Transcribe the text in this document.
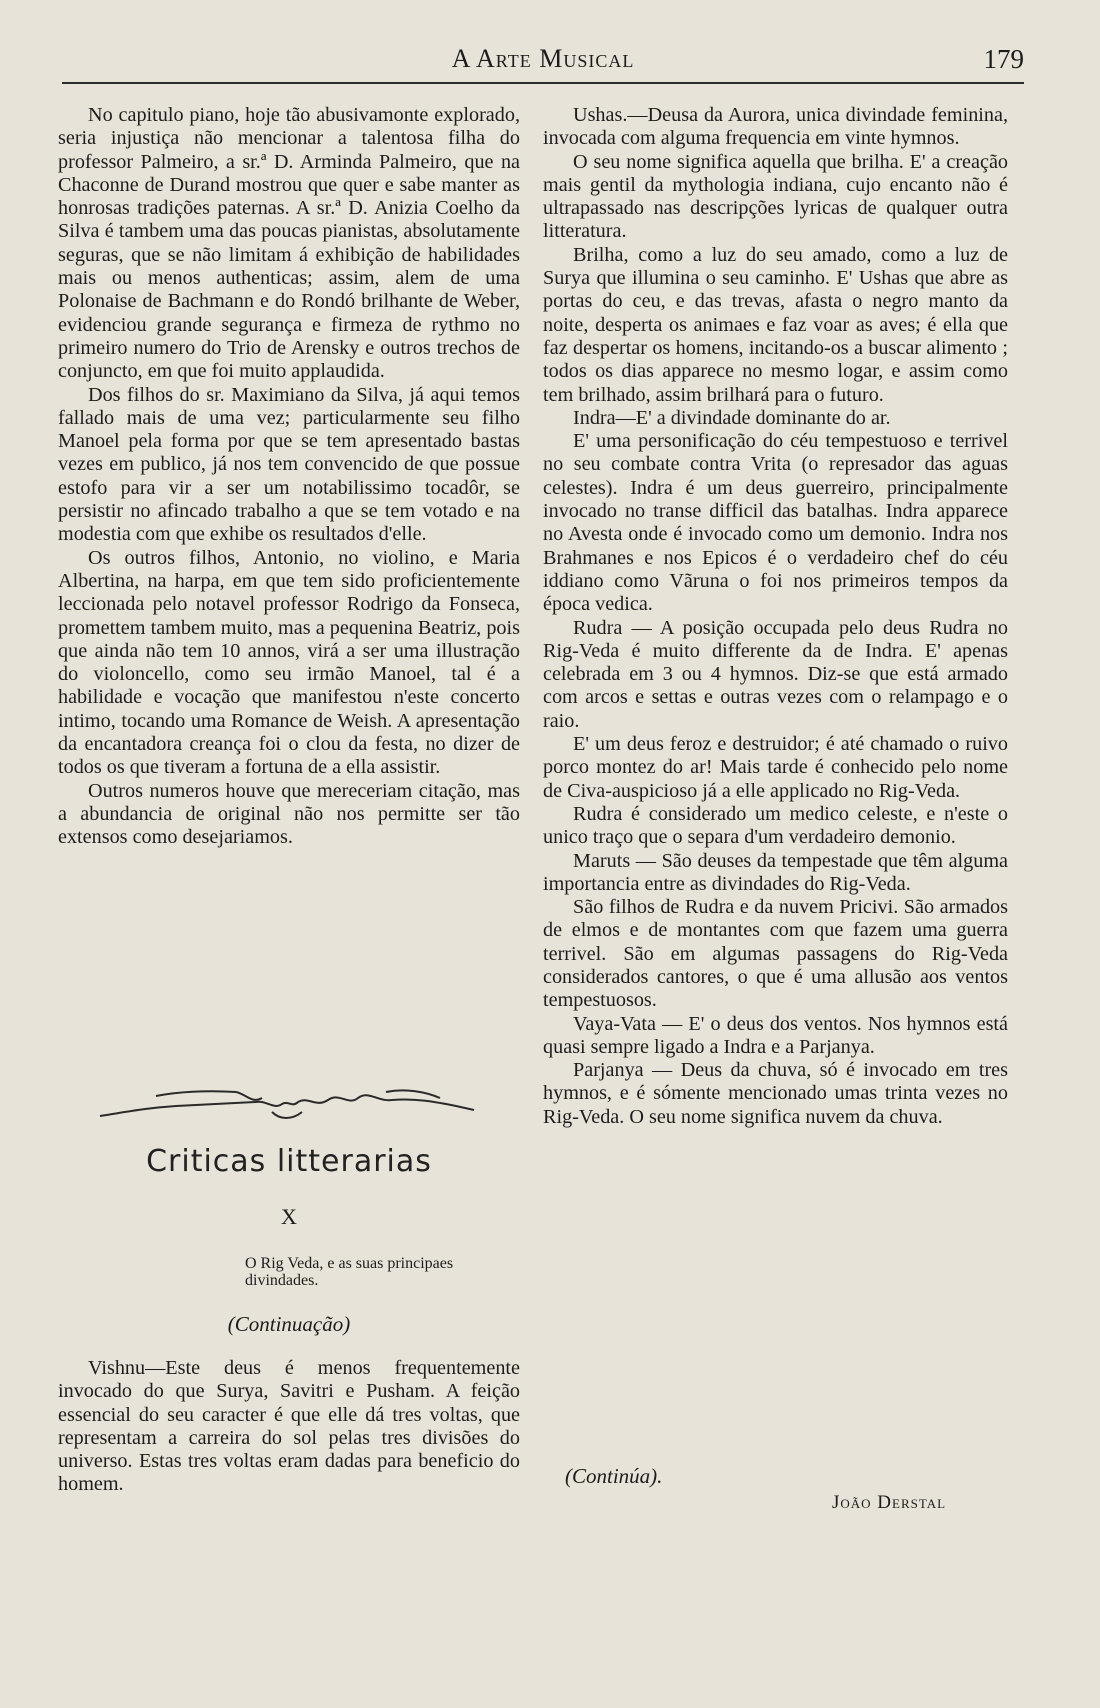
A Arte Musical	179

No capitulo piano, hoje tão abusivamonte explorado, seria injustiça não mencionar a talentosa filha do professor Palmeiro, a sr.ª D. Arminda Palmeiro, que na Chaconne de Durand mostrou que quer e sabe manter as honrosas tradições paternas. A sr.ª D. Anizia Coelho da Silva é tambem uma das poucas pianistas, absolutamente seguras, que se não limitam á exhibição de habilidades mais ou menos authenticas; assim, alem de uma Polonaise de Bachmann e do Rondó brilhante de Weber, evidenciou grande segurança e firmeza de rythmo no primeiro numero do Trio de Arensky e outros trechos de conjuncto, em que foi muito applaudida.

Dos filhos do sr. Maximiano da Silva, já aqui temos fallado mais de uma vez; particularmente seu filho Manoel pela forma por que se tem apresentado bastas vezes em publico, já nos tem convencido de que possue estofo para vir a ser um notabilissimo tocadôr, se persistir no afincado trabalho a que se tem votado e na modestia com que exhibe os resultados d'elle.

Os outros filhos, Antonio, no violino, e Maria Albertina, na harpa, em que tem sido proficientemente leccionada pelo notavel professor Rodrigo da Fonseca, promettem tambem muito, mas a pequenina Beatriz, pois que ainda não tem 10 annos, virá a ser uma illustração do violoncello, como seu irmão Manoel, tal é a habilidade e vocação que manifestou n'este concerto intimo, tocando uma Romance de Weish. A apresentação da encantadora creança foi o clou da festa, no dizer de todos os que tiveram a fortuna de a ella assistir.

Outros numeros houve que mereceriam citação, mas a abundancia de original não nos permitte ser tão extensos como desejariamos.

Criticas litterarias
X
O Rig Veda, e as suas principaes divindades.
(Continuação)

Vishnu—Este deus é menos frequentemente invocado do que Surya, Savitri e Pusham. A feição essencial do seu caracter é que elle dá tres voltas, que representam a carreira do sol pelas tres divisões do universo. Estas tres voltas eram dadas para beneficio do homem.

Ushas.—Deusa da Aurora, unica divindade feminina, invocada com alguma frequencia em vinte hymnos.

O seu nome significa aquella que brilha. E' a creação mais gentil da mythologia indiana, cujo encanto não é ultrapassado nas descripções lyricas de qualquer outra litteratura.

Brilha, como a luz do seu amado, como a luz de Surya que illumina o seu caminho. E' Ushas que abre as portas do ceu, e das trevas, afasta o negro manto da noite, desperta os animaes e faz voar as aves; é ella que faz despertar os homens, incitando-os a buscar alimento ; todos os dias apparece no mesmo logar, e assim como tem brilhado, assim brilhará para o futuro.

Indra—E' a divindade dominante do ar.

E' uma personificação do céu tempestuoso e terrivel no seu combate contra Vrita (o represador das aguas celestes). Indra é um deus guerreiro, principalmente invocado no transe difficil das batalhas. Indra apparece no Avesta onde é invocado como um demonio. Indra nos Brahmanes e nos Epicos é o verdadeiro chef do céu iddiano como Vãruna o foi nos primeiros tempos da época vedica.

Rudra — A posição occupada pelo deus Rudra no Rig-Veda é muito differente da de Indra. E' apenas celebrada em 3 ou 4 hymnos. Diz-se que está armado com arcos e settas e outras vezes com o relampago e o raio.

E' um deus feroz e destruidor; é até chamado o ruivo porco montez do ar! Mais tarde é conhecido pelo nome de Civa-auspicioso já a elle applicado no Rig-Veda.

Rudra é considerado um medico celeste, e n'este o unico traço que o separa d'um verdadeiro demonio.

Maruts — São deuses da tempestade que têm alguma importancia entre as divindades do Rig-Veda.

São filhos de Rudra e da nuvem Pricivi. São armados de elmos e de montantes com que fazem uma guerra terrivel. São em algumas passagens do Rig-Veda considerados cantores, o que é uma allusão aos ventos tempestuosos.

Vaya-Vata — E' o deus dos ventos. Nos hymnos está quasi sempre ligado a Indra e a Parjanya.

Parjanya — Deus da chuva, só é invocado em tres hymnos, e é sómente mencionado umas trinta vezes no Rig-Veda. O seu nome significa nuvem da chuva.

(Continúa).
João Derstal
